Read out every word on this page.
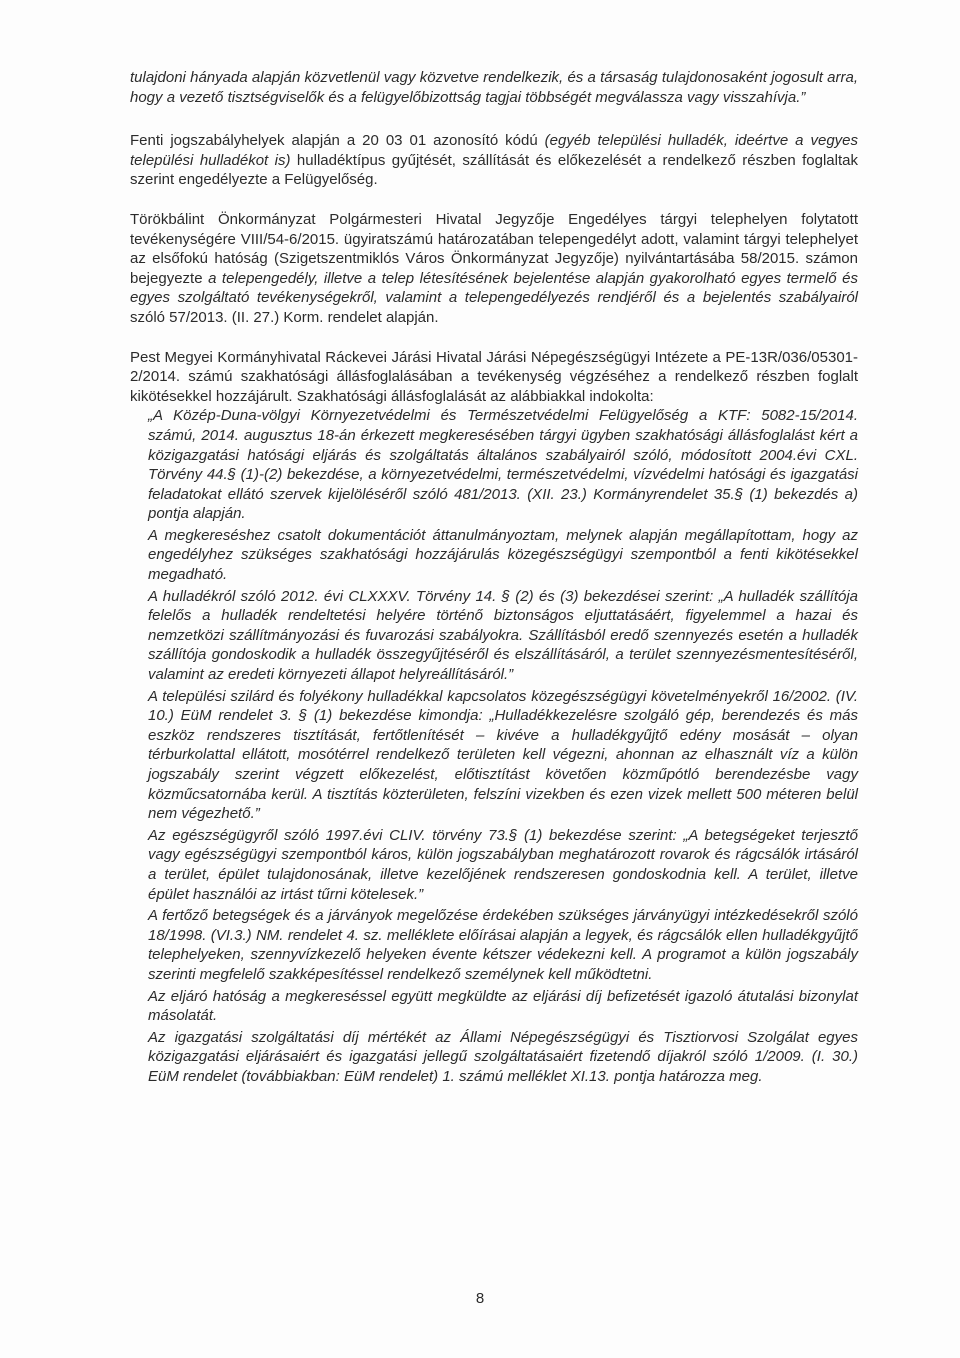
tulajdoni hányada alapján közvetlenül vagy közvetve rendelkezik, és a társaság tulajdonosaként jogosult arra, hogy a vezető tisztségviselők és a felügyelőbizottság tagjai többségét megválassza vagy visszahívja.”

Fenti jogszabályhelyek alapján a 20 03 01 azonosító kódú (egyéb települési hulladék, ideértve a vegyes települési hulladékot is) hulladéktípus gyűjtését, szállítását és előkezelését a rendelkező részben foglaltak szerint engedélyezte a Felügyelőség.

Törökbálint Önkormányzat Polgármesteri Hivatal Jegyzője Engedélyes tárgyi telephelyen folytatott tevékenységére VIII/54-6/2015. ügyiratszámú határozatában telepengedélyt adott, valamint tárgyi telephelyet az elsőfokú hatóság (Szigetszentmiklós Város Önkormányzat Jegyzője) nyilvántartásába 58/2015. számon bejegyezte a telepengedély, illetve a telep létesítésének bejelentése alapján gyakorolható egyes termelő és egyes szolgáltató tevékenységekről, valamint a telepengedélyezés rendjéről és a bejelentés szabályairól szóló 57/2013. (II. 27.) Korm. rendelet alapján.

Pest Megyei Kormányhivatal Ráckevei Járási Hivatal Járási Népegészségügyi Intézete a PE-13R/036/05301-2/2014. számú szakhatósági állásfoglalásában a tevékenység végzéséhez a rendelkező részben foglalt kikötésekkel hozzájárult. Szakhatósági állásfoglalását az alábbiakkal indokolta:

„A Közép-Duna-völgyi Környezetvédelmi és Természetvédelmi Felügyelőség a KTF: 5082-15/2014. számú, 2014. augusztus 18-án érkezett megkeresésében tárgyi ügyben szakhatósági állásfoglalást kért a közigazgatási hatósági eljárás és szolgáltatás általános szabályairól szóló, módosított 2004.évi CXL. Törvény 44.§ (1)-(2) bekezdése, a környezetvédelmi, természetvédelmi, vízvédelmi hatósági és igazgatási feladatokat ellátó szervek kijelöléséről szóló 481/2013. (XII. 23.) Kormányrendelet 35.§ (1) bekezdés a) pontja alapján.

A megkereséshez csatolt dokumentációt áttanulmányoztam, melynek alapján megállapítottam, hogy az engedélyhez szükséges szakhatósági hozzájárulás közegészségügyi szempontból a fenti kikötésekkel megadható.

A hulladékról szóló 2012. évi CLXXXV. Törvény 14. § (2) és (3) bekezdései szerint: „A hulladék szállítója felelős a hulladék rendeltetési helyére történő biztonságos eljuttatásáért, figyelemmel a hazai és nemzetközi szállítmányozási és fuvarozási szabályokra. Szállításból eredő szennyezés esetén a hulladék szállítója gondoskodik a hulladék összegyűjtéséről és elszállításáról, a terület szennyezésmentesítéséről, valamint az eredeti környezeti állapot helyreállításáról.”

A települési szilárd és folyékony hulladékkal kapcsolatos közegészségügyi követelményekről 16/2002. (IV. 10.) EüM rendelet 3. § (1) bekezdése kimondja: „Hulladékkezelésre szolgáló gép, berendezés és más eszköz rendszeres tisztítását, fertőtlenítését – kivéve a hulladékgyűjtő edény mosását – olyan térburkolattal ellátott, mosótérrel rendelkező területen kell végezni, ahonnan az elhasznált víz a külön jogszabály szerint végzett előkezelést, előtisztítást követően közműpótló berendezésbe vagy közműcsatornába kerül. A tisztítás közterületen, felszíni vizekben és ezen vizek mellett 500 méteren belül nem végezhető.”

Az egészségügyről szóló 1997.évi CLIV. törvény 73.§ (1) bekezdése szerint: „A betegségeket terjesztő vagy egészségügyi szempontból káros, külön jogszabályban meghatározott rovarok és rágcsálók irtásáról a terület, épület tulajdonosának, illetve kezelőjének rendszeresen gondoskodnia kell. A terület, illetve épület használói az irtást tűrni kötelesek.”

A fertőző betegségek és a járványok megelőzése érdekében szükséges járványügyi intézkedésekről szóló 18/1998. (VI.3.) NM. rendelet 4. sz. melléklete előírásai alapján a legyek, és rágcsálók ellen hulladékgyűjtő telephelyeken, szennyvízkezelő helyeken évente kétszer védekezni kell. A programot a külön jogszabály szerinti megfelelő szakképesítéssel rendelkező személynek kell működtetni.

Az eljáró hatóság a megkereséssel együtt megküldte az eljárási díj befizetését igazoló átutalási bizonylat másolatát.

Az igazgatási szolgáltatási díj mértékét az Állami Népegészségügyi és Tisztiorvosi Szolgálat egyes közigazgatási eljárásaiért és igazgatási jellegű szolgáltatásaiért fizetendő díjakról szóló 1/2009. (I. 30.) EüM rendelet (továbbiakban: EüM rendelet) 1. számú melléklet XI.13. pontja határozza meg.

8
